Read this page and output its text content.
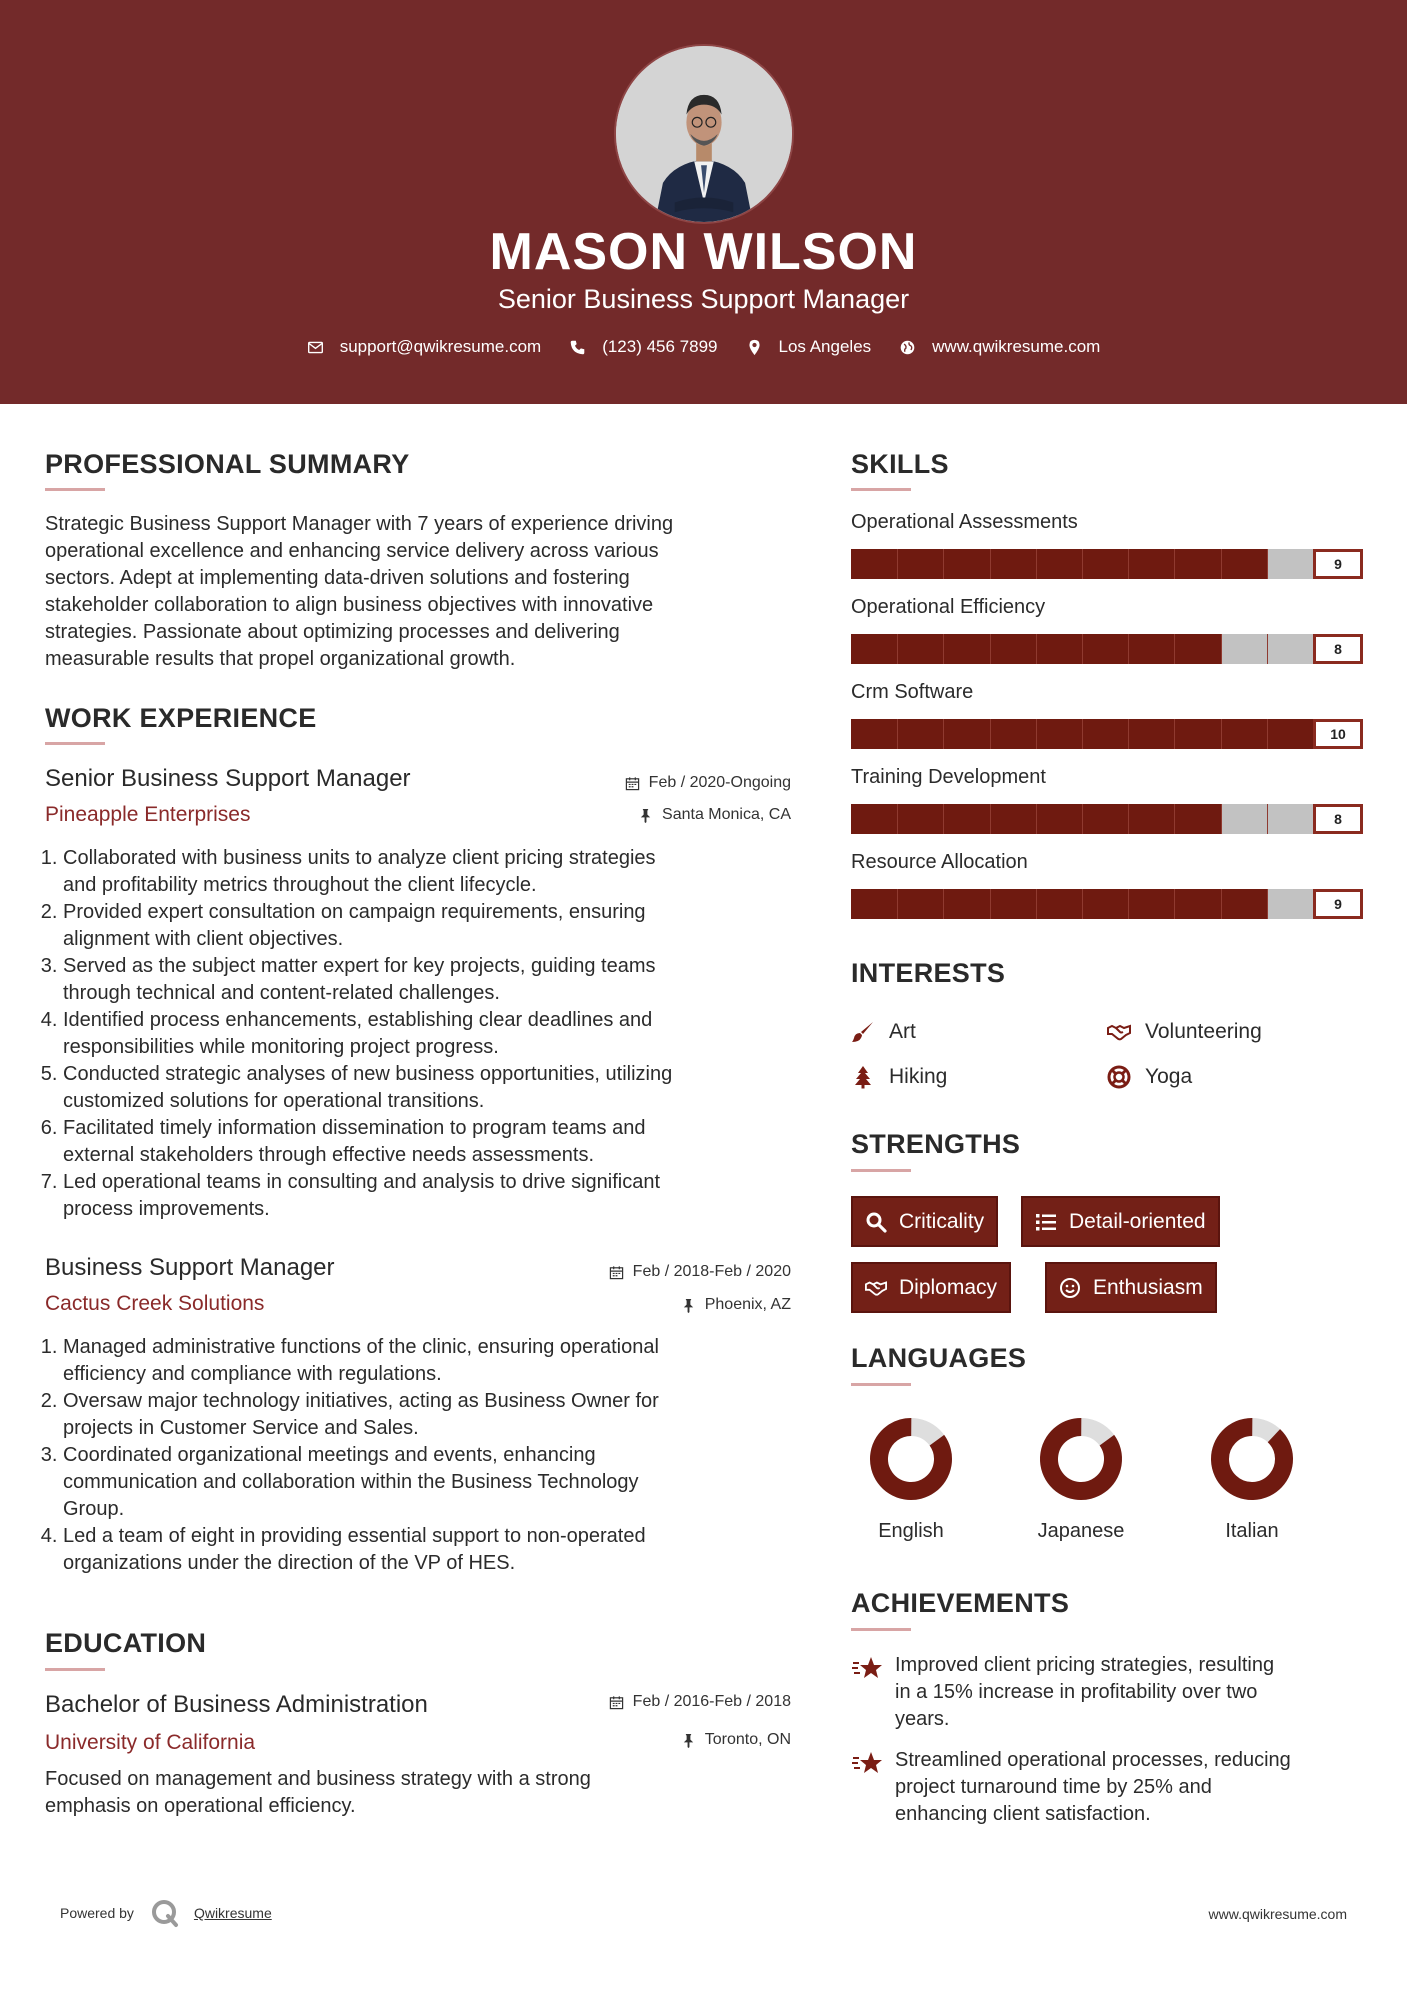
MASON WILSON
Senior Business Support Manager
support@qwikresume.com	(123) 456 7899	Los Angeles	www.qwikresume.com
PROFESSIONAL SUMMARY
Strategic Business Support Manager with 7 years of experience driving
operational excellence and enhancing service delivery across various
sectors. Adept at implementing data-driven solutions and fostering
stakeholder collaboration to align business objectives with innovative
strategies. Passionate about optimizing processes and delivering
measurable results that propel organizational growth.
WORK EXPERIENCE
Senior Business Support Manager	Feb / 2020-Ongoing
Pineapple Enterprises	Santa Monica, CA
1. Collaborated with business units to analyze client pricing strategies
and profitability metrics throughout the client lifecycle.
2. Provided expert consultation on campaign requirements, ensuring
alignment with client objectives.
3. Served as the subject matter expert for key projects, guiding teams
through technical and content-related challenges.
4. Identified process enhancements, establishing clear deadlines and
responsibilities while monitoring project progress.
5. Conducted strategic analyses of new business opportunities, utilizing
customized solutions for operational transitions.
6. Facilitated timely information dissemination to program teams and
external stakeholders through effective needs assessments.
7. Led operational teams in consulting and analysis to drive significant
process improvements.
Business Support Manager	Feb / 2018-Feb / 2020
Cactus Creek Solutions	Phoenix, AZ
1. Managed administrative functions of the clinic, ensuring operational
efficiency and compliance with regulations.
2. Oversaw major technology initiatives, acting as Business Owner for
projects in Customer Service and Sales.
3. Coordinated organizational meetings and events, enhancing
communication and collaboration within the Business Technology
Group.
4. Led a team of eight in providing essential support to non-operated
organizations under the direction of the VP of HES.
EDUCATION
Bachelor of Business Administration	Feb / 2016-Feb / 2018
University of California	Toronto, ON
Focused on management and business strategy with a strong
emphasis on operational efficiency.
SKILLS
Operational Assessments
9
Operational Efficiency
8
Crm Software
10
Training Development
8
Resource Allocation
9
INTERESTS
Art	Volunteering
Hiking	Yoga
STRENGTHS
Criticality	Detail-oriented
Diplomacy	Enthusiasm
LANGUAGES
English	Japanese	Italian
ACHIEVEMENTS
Improved client pricing strategies, resulting
in a 15% increase in profitability over two
years.
Streamlined operational processes, reducing
project turnaround time by 25% and
enhancing client satisfaction.
Powered by	Qwikresume	www.qwikresume.com
